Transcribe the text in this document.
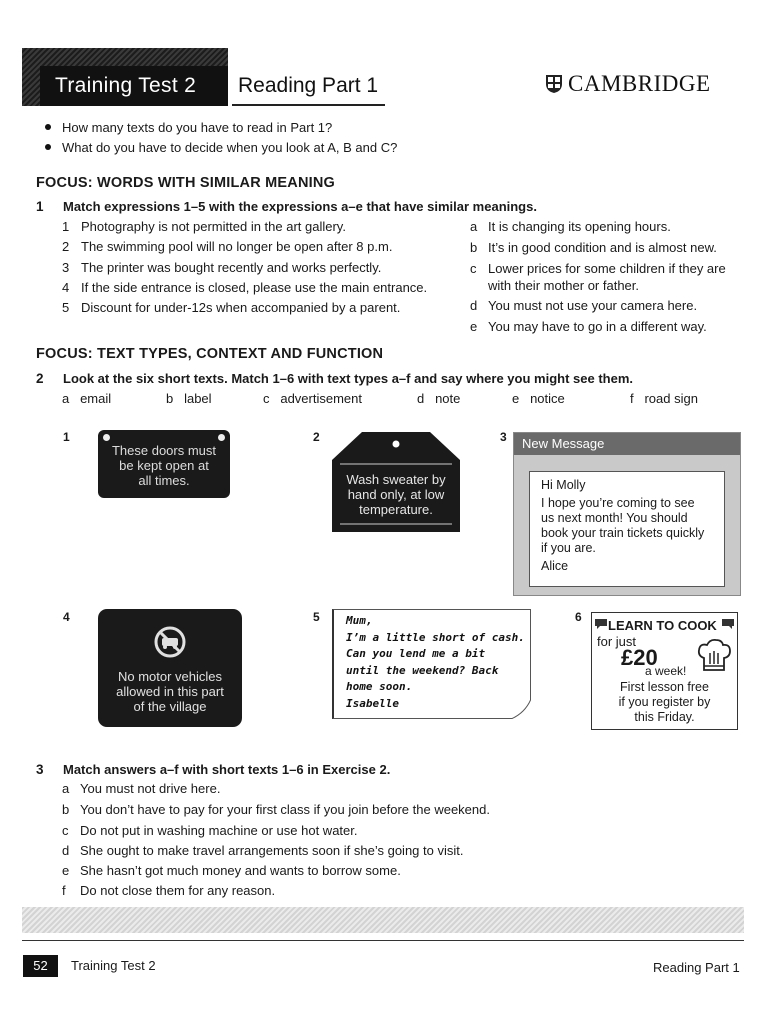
Training Test 2 Reading Part 1	CAMBRIDGE
How many texts do you have to read in Part 1?
What do you have to decide when you look at A, B and C?
FOCUS: WORDS WITH SIMILAR MEANING
1 Match expressions 1–5 with the expressions a–e that have similar meanings.
1 Photography is not permitted in the art gallery.
2 The swimming pool will no longer be open after 8 p.m.
3 The printer was bought recently and works perfectly.
4 If the side entrance is closed, please use the main entrance.
5 Discount for under-12s when accompanied by a parent.
a It is changing its opening hours.
b It’s in good condition and is almost new.
c Lower prices for some children if they are
with their mother or father.
d You must not use your camera here.
e You may have to go in a different way.
FOCUS: TEXT TYPES, CONTEXT AND FUNCTION
2 Look at the six short texts. Match 1–6 with text types a–f and say where you might see them.
a email	b label	c advertisement	d note	e notice	f road sign
1
These doors must
be kept open at
all times.
2
Wash sweater by
hand only, at low
temperature.
3	New Message
Hi Molly
I hope you’re coming to see
us next month! You should
book your train tickets quickly
if you are.
Alice
4
No motor vehicles
allowed in this part
of the village
5 Mum,
I’m a little short of cash.
Can you lend me a bit
until the weekend? Back
home soon.
Isabelle
6
LEARN TO COOK
for just
£20
a week!
First lesson free
if you register by
this Friday.
3 Match answers a–f with short texts 1–6 in Exercise 2.
a You must not drive here.
b You don’t have to pay for your first class if you join before the weekend.
c Do not put in washing machine or use hot water.
d She ought to make travel arrangements soon if she’s going to visit.
e She hasn’t got much money and wants to borrow some.
f Do not close them for any reason.
52	Training Test 2	Reading Part 1
